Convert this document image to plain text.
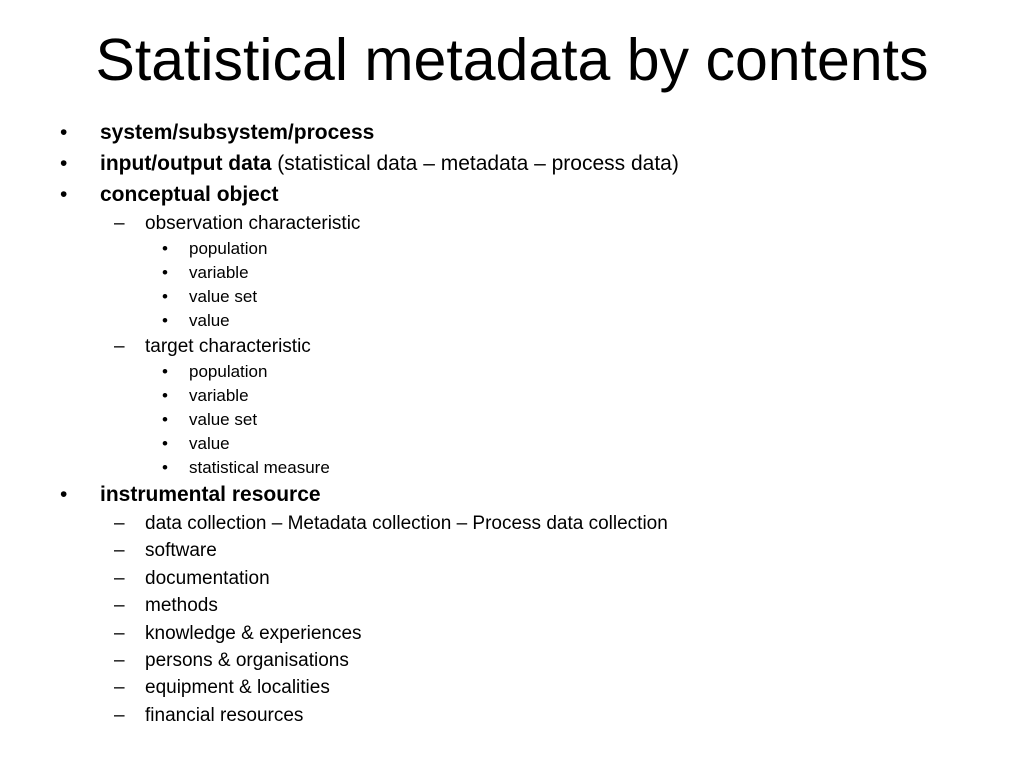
Statistical metadata by contents
• system/subsystem/process
• input/output data (statistical data – metadata – process data)
• conceptual object
– observation characteristic
• population
• variable
• value set
• value
– target characteristic
• population
• variable
• value set
• value
• statistical measure
• instrumental resource
– data collection – Metadata collection – Process data collection
– software
– documentation
– methods
– knowledge & experiences
– persons & organisations
– equipment & localities
– financial resources
